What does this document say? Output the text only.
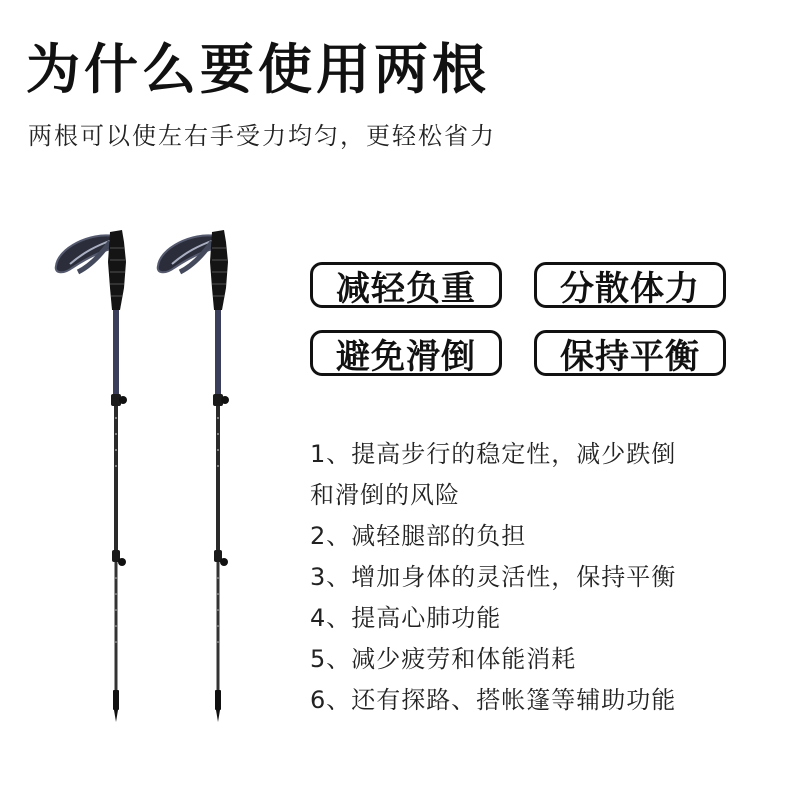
为什么要使用两根
两根可以使左右手受力均匀，更轻松省力
减轻负重	分散体力
避免滑倒	保持平衡
1、提高步行的稳定性，减少跌倒
和滑倒的风险
2、减轻腿部的负担
3、增加身体的灵活性，保持平衡
4、提高心肺功能
5、减少疲劳和体能消耗
6、还有探路、搭帐篷等辅助功能
